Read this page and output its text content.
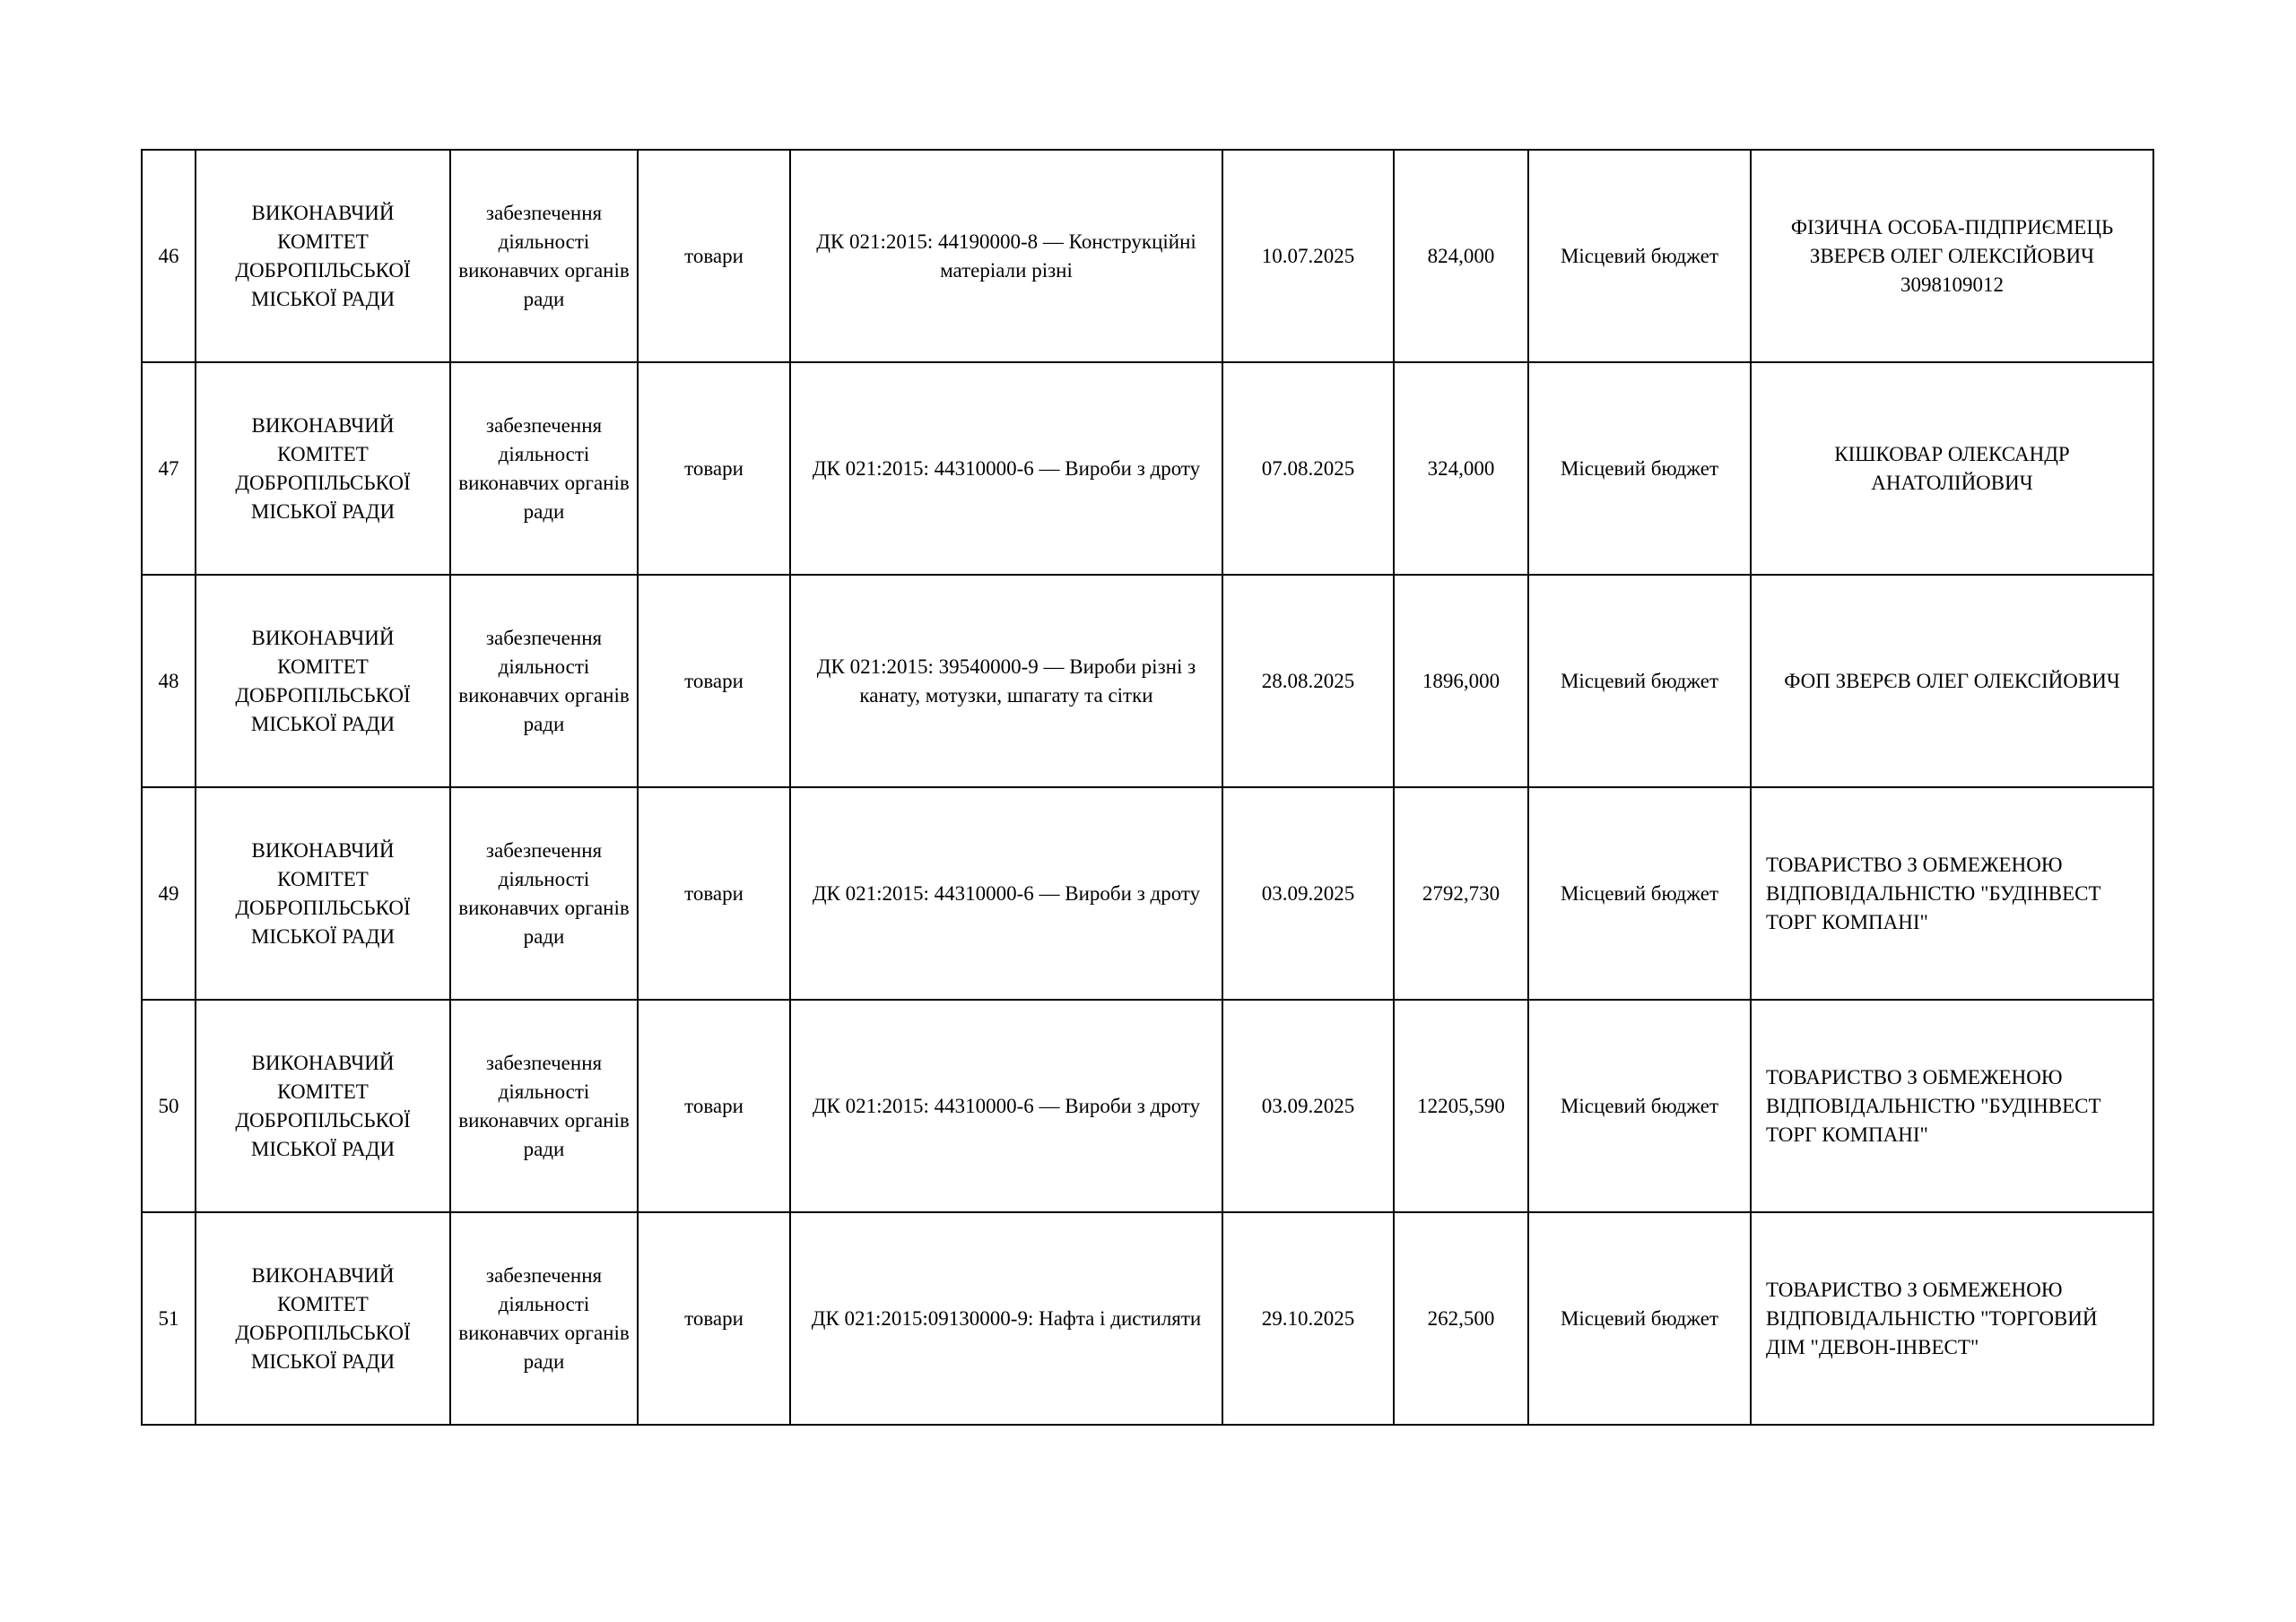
46	ВИКОНАВЧИЙ КОМІТЕТ ДОБРОПІЛЬСЬКОЇ МІСЬКОЇ РАДИ	забезпечення діяльності виконавчих органів ради	товари	ДК 021:2015: 44190000-8 — Конструкційні матеріали різні	10.07.2025	824,000	Місцевий бюджет	ФІЗИЧНА ОСОБА-ПІДПРИЄМЕЦЬ ЗВЕРЄВ ОЛЕГ ОЛЕКСІЙОВИЧ 3098109012
47	ВИКОНАВЧИЙ КОМІТЕТ ДОБРОПІЛЬСЬКОЇ МІСЬКОЇ РАДИ	забезпечення діяльності виконавчих органів ради	товари	ДК 021:2015: 44310000-6 — Вироби з дроту	07.08.2025	324,000	Місцевий бюджет	КІШКОВАР ОЛЕКСАНДР АНАТОЛІЙОВИЧ
48	ВИКОНАВЧИЙ КОМІТЕТ ДОБРОПІЛЬСЬКОЇ МІСЬКОЇ РАДИ	забезпечення діяльності виконавчих органів ради	товари	ДК 021:2015: 39540000-9 — Вироби різні з канату, мотузки, шпагату та сітки	28.08.2025	1896,000	Місцевий бюджет	ФОП ЗВЕРЄВ ОЛЕГ ОЛЕКСІЙОВИЧ
49	ВИКОНАВЧИЙ КОМІТЕТ ДОБРОПІЛЬСЬКОЇ МІСЬКОЇ РАДИ	забезпечення діяльності виконавчих органів ради	товари	ДК 021:2015: 44310000-6 — Вироби з дроту	03.09.2025	2792,730	Місцевий бюджет	ТОВАРИСТВО З ОБМЕЖЕНОЮ ВІДПОВІДАЛЬНІСТЮ "БУДІНВЕСТ ТОРГ КОМПАНІ"
50	ВИКОНАВЧИЙ КОМІТЕТ ДОБРОПІЛЬСЬКОЇ МІСЬКОЇ РАДИ	забезпечення діяльності виконавчих органів ради	товари	ДК 021:2015: 44310000-6 — Вироби з дроту	03.09.2025	12205,590	Місцевий бюджет	ТОВАРИСТВО З ОБМЕЖЕНОЮ ВІДПОВІДАЛЬНІСТЮ "БУДІНВЕСТ ТОРГ КОМПАНІ"
51	ВИКОНАВЧИЙ КОМІТЕТ ДОБРОПІЛЬСЬКОЇ МІСЬКОЇ РАДИ	забезпечення діяльності виконавчих органів ради	товари	ДК 021:2015:09130000-9: Нафта і дистиляти	29.10.2025	262,500	Місцевий бюджет	ТОВАРИСТВО З ОБМЕЖЕНОЮ ВІДПОВІДАЛЬНІСТЮ "ТОРГОВИЙ ДІМ "ДЕВОН-ІНВЕСТ"
